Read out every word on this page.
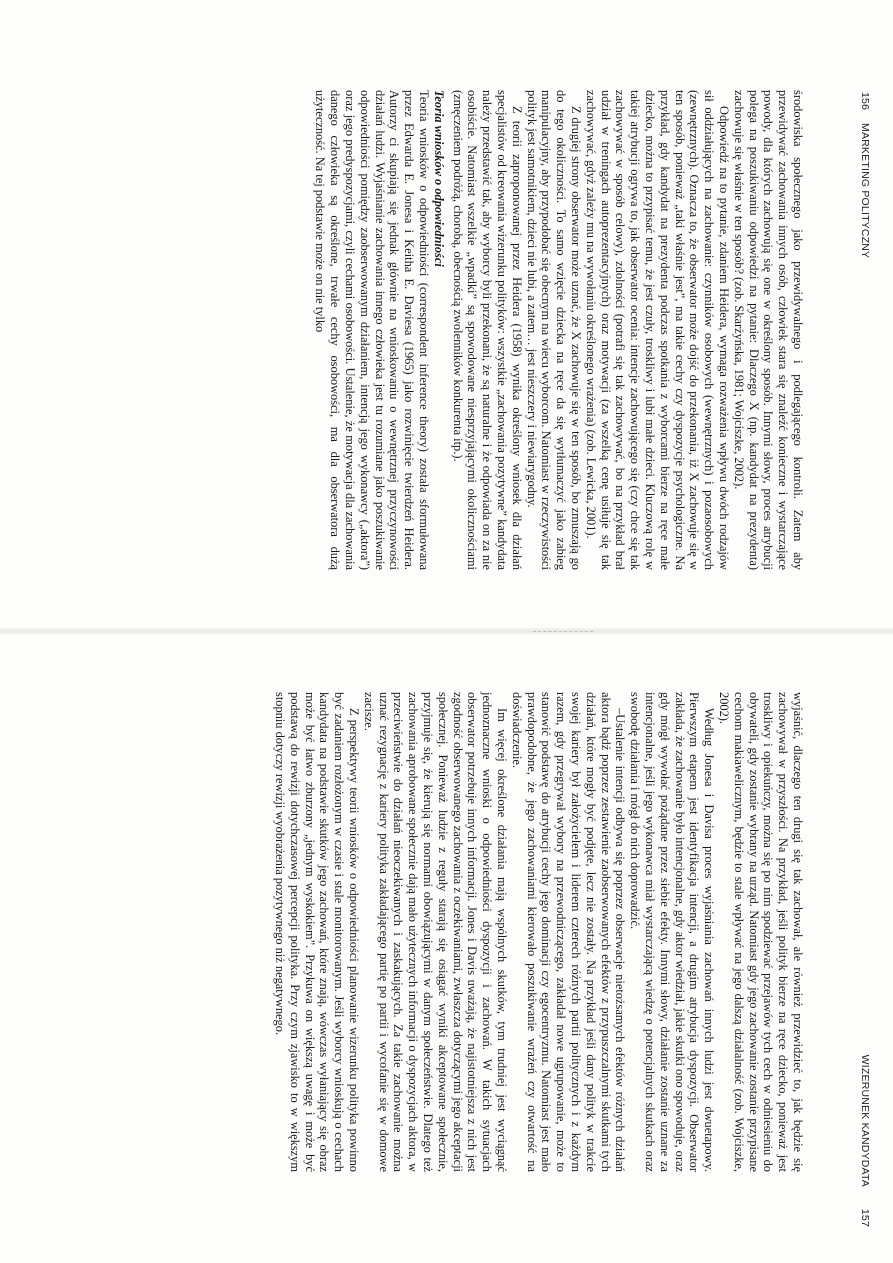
156
MARKETING POLITYCZNY

środowiska społecznego jako przewidywalnego i podlegającego kontroli. Zatem aby przewidywać zachowania innych osób, człowiek stara się znaleźć konieczne i wystarczające powody, dla których zachowują się one w określony sposób. Innymi słowy, proces atrybucji polega na poszukiwaniu odpowiedzi na pytanie: Dlaczego X (np. kandydat na prezydenta) zachowuje się właśnie w ten sposób? (zob. Skarżyńska, 1981; Wojciszke, 2002).

Odpowiedź na to pytanie, zdaniem Heidera, wymaga rozważenia wpływu dwóch rodzajów sił oddziałujących na zachowanie: czynników osobowych (wewnętrznych) i pozaosobowych (zewnętrznych). Oznacza to, że obserwator może dojść do przekonania, iż X zachowuje się w ten sposób, ponieważ „taki właśnie jest”, ma takie cechy czy dyspozycje psychologiczne. Na przykład, gdy kandydat na prezydenta podczas spotkania z wyborcami bierze na ręce małe dziecko, można to przypisać temu, że jest czuły, troskliwy i lubi małe dzieci. Kluczową rolę w takiej atrybucji ogrywa to, jak obserwator ocenia: intencje zachowującego się (czy chce się tak zachowywać w sposób celowy), zdolności (potrafi się tak zachowywać, bo na przykład brał udział w treningach autoprezentacyjnych) oraz motywacji (za wszelką cenę usiłuje się tak zachowywać, gdyż zależy mu na wywołaniu określonego wrażenia) (zob. Lewicka, 2001).

Z drugiej strony obserwator może uznać, że X zachowuje się w ten sposób, bo zmuszają go do tego okoliczności. To samo wzięcie dziecka na ręce da się wytłumaczyć jako zabieg manipulacyjny, aby przypodobać się obecnym na wiecu wyborcom. Natomiast w rzeczywistości polityk jest samotnikiem, dzieci nie lubi, a zatem… jest nieszczery i niewiarygodny.

Z teorii zaproponowanej przez Heidera (1958) wynika określony wniosek dla działań specjalistów od kreowania wizerunku polityków: wszystkie „zachowania pozytywne” kandydata należy przedstawić tak, aby wyborcy byli przekonani, że są naturalne i że odpowiada on za nie osobiście. Natomiast wszelkie „wpadki” są spowodowane niesprzyjającymi okolicznościami (zmęczeniem podróżą, chorobą, obecnością zwolenników konkurenta itp.).

Teoria wniosków o odpowiedniości

Teoria wniosków o odpowiedniości (correspondent inference theory) została sformułowana przez Edwarda E. Jonesa i Keitha E. Daviesa (1965) jako rozwinięcie twierdzeń Heidera. Autorzy ci skupiają się jednak głównie na wnioskowaniu o wewnętrznej przyczynowości działań ludzi. Wyjaśnianie zachowania innego człowieka jest tu rozumiane jako poszukiwanie odpowiedniości pomiędzy zaobserwowanym działaniem, intencją jego wykonawcy („aktora”) oraz jego predyspozycjami, czyli cechami osobowości. Ustalenie, że motywacja dla zachowania danego człowieka są określone, trwałe cechy osobowości, ma dla obserwatora dużą użyteczność. Na tej podstawie może on nie tylko

WIZERUNEK KANDYDATA
157

wyjaśnić, dlaczego ten drugi się tak zachował, ale również przewidzieć to, jak będzie się zachowywał w przyszłości. Na przykład, jeśli polityk bierze na ręce dziecko, ponieważ jest troskliwy i opiekuńczy, można się po nim spodziewać przejawów tych cech w odniesieniu do obywateli, gdy zostanie wybrany na urząd. Natomiast gdy jego zachowanie zostanie przypisane cechom makiawelicznym, będzie to stale wpływać na jego dalszą działalność (zob. Wojciszke, 2002).

Według Jonesa i Davisa proces wyjaśniania zachowań innych ludzi jest dwuetapowy. Pierwszym etapem jest identyfikacja intencji, a drugim atrybucja dyspozycji. Obserwator zakłada, że zachowanie było intencjonalne, gdy aktor wiedział, jakie skutki ono spowoduje, oraz gdy mógł wywołać pożądane przez siebie efekty. Innymi słowy, działanie zostanie uznane za intencjonalne, jeśli jego wykonawca miał wystarczającą wiedzę o potencjalnych skutkach oraz swobodę działania i mógł do nich doprowadzić.

–Ustalenie intencji odbywa się poprzez obserwacje nietożsamych efektów różnych działań aktora bądź poprzez zestawienie zaobserwowanych efektów z przypuszczalnymi skutkami tych działań, które mogły być podjęte, lecz nie zostały. Na przykład jeśli dany polityk w trakcie swojej kariery był założycielem i liderem czterech różnych partii politycznych i z każdym razem, gdy przegrywał wybory na przewodniczącego, zakładał nowe ugrupowanie, może to stanowić podstawę do atrybucji cechy jego dominacji czy egocentryzmu. Natomiast jest mało prawdopodobne, że jego zachowaniami kierowało poszukiwanie wrażeń czy otwartość na doświadczenie.

Im więcej określone działania mają wspólnych skutków, tym trudniej jest wyciągnąć jednoznaczne wnioski o odpowiedniości dyspozycji i zachowań. W takich sytuacjach obserwator potrzebuje innych informacji. Jones i Davis uważają, że najistotniejsza z nich jest zgodność obserwowanego zachowania z oczekiwaniami, zwłaszcza dotyczącymi jego akceptacji społecznej. Ponieważ ludzie z reguły starają się osiągać wyniki akceptowane społecznie, przyjmuje się, że kierują się normami obowiązującymi w danym społeczeństwie. Dlatego też zachowania aprobowane społecznie dają mało użytecznych informacji o dyspozycjach aktora, w przeciwieństwie do działań nieoczekiwanych i zaskakujących. Za takie zachowanie można uznać rezygnację z kariery polityka zakładającego partię po partii i wycofanie się w domowe zacisze.

Z perspektywy teorii wniosków o odpowiedniości planowanie wizerunku polityka powinno być zadaniem rozłożonym w czasie i stale monitorowanym. Jeśli wyborcy wnioskują o cechach kandydata na podstawie skutków jego zachowań, które znają, wówczas wyłaniający się obraz może być łatwo zburzony „jednym wyskokiem”. Przykuwa on większą uwagę i może być podstawą do rewizji dotychczasowej percepcji polityka. Przy czym zjawisko to w większym stopniu dotyczy rewizji wyobrażenia pozytywnego niż negatywnego.
